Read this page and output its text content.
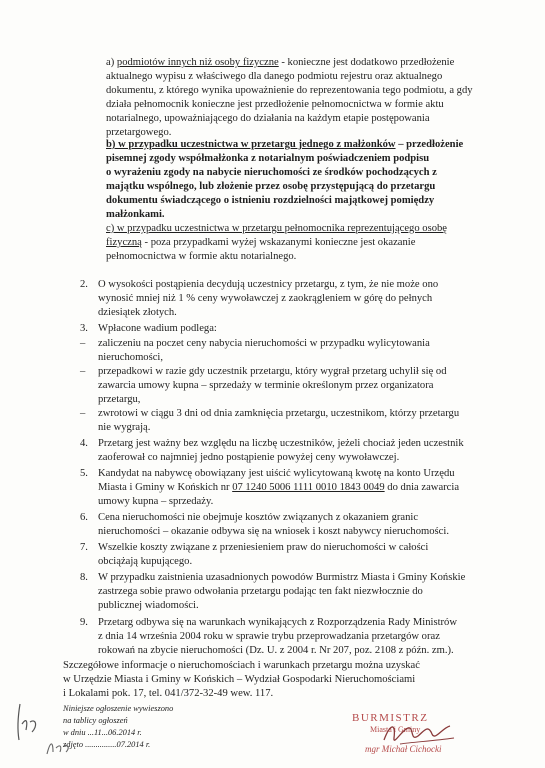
a) podmiotów innych niż osoby fizyczne - konieczne jest dodatkowo przedłożenie
aktualnego wypisu z właściwego dla danego podmiotu rejestru oraz aktualnego
dokumentu, z którego wynika upoważnienie do reprezentowania tego podmiotu, a gdy
działa pełnomocnik konieczne jest przedłożenie pełnomocnictwa w formie aktu
notarialnego, upoważniającego do działania na każdym etapie postępowania
przetargowego.
b) w przypadku uczestnictwa w przetargu jednego z małżonków – przedłożenie
pisemnej zgody współmałżonka z notarialnym poświadczeniem podpisu
o wyrażeniu zgody na nabycie nieruchomości ze środków pochodzących z
majątku wspólnego, lub złożenie przez osobę przystępującą do przetargu
dokumentu świadczącego o istnieniu rozdzielności majątkowej pomiędzy
małżonkami.
c) w przypadku uczestnictwa w przetargu pełnomocnika reprezentującego osobę
fizyczną - poza przypadkami wyżej wskazanymi konieczne jest okazanie
pełnomocnictwa w formie aktu notarialnego.
2. O wysokości postąpienia decydują uczestnicy przetargu, z tym, że nie może ono
wynosić mniej niż 1 % ceny wywoławczej z zaokrągleniem w górę do pełnych
dziesiątek złotych.
3. Wpłacone wadium podlega:
– zaliczeniu na poczet ceny nabycia nieruchomości w przypadku wylicytowania
nieruchomości,
– przepadkowi w razie gdy uczestnik przetargu, który wygrał przetarg uchylił się od
zawarcia umowy kupna – sprzedaży w terminie określonym przez organizatora
przetargu,
– zwrotowi w ciągu 3 dni od dnia zamknięcia przetargu, uczestnikom, którzy przetargu
nie wygrają.
4. Przetarg jest ważny bez względu na liczbę uczestników, jeżeli chociaż jeden uczestnik
zaoferował co najmniej jedno postąpienie powyżej ceny wywoławczej.
5. Kandydat na nabywcę obowiązany jest uiścić wylicytowaną kwotę na konto Urzędu
Miasta i Gminy w Końskich nr 07 1240 5006 1111 0010 1843 0049 do dnia zawarcia
umowy kupna – sprzedaży.
6. Cena nieruchomości nie obejmuje kosztów związanych z okazaniem granic
nieruchomości – okazanie odbywa się na wniosek i koszt nabywcy nieruchomości.
7. Wszelkie koszty związane z przeniesieniem praw do nieruchomości w całości
obciążają kupującego.
8. W przypadku zaistnienia uzasadnionych powodów Burmistrz Miasta i Gminy Końskie
zastrzega sobie prawo odwołania przetargu podając ten fakt niezwłocznie do
publicznej wiadomości.
9. Przetarg odbywa się na warunkach wynikających z Rozporządzenia Rady Ministrów
z dnia 14 września 2004 roku w sprawie trybu przeprowadzania przetargów oraz
rokowań na zbycie nieruchomości (Dz. U. z 2004 r. Nr 207, poz. 2108 z późn. zm.).
Szczegółowe informacje o nieruchomościach i warunkach przetargu można uzyskać
w Urzędzie Miasta i Gminy w Końskich – Wydział Gospodarki Nieruchomościami
i Lokalami pok. 17, tel. 041/372-32-49 wew. 117.
Niniejsze ogłoszenie wywieszono
na tablicy ogłoszeń
w dniu ...11...06.2014 r.
zdjęto ...............07.2014 r.
BURMISTRZ
Miasta i Gminy
mgr Michał Cichocki
